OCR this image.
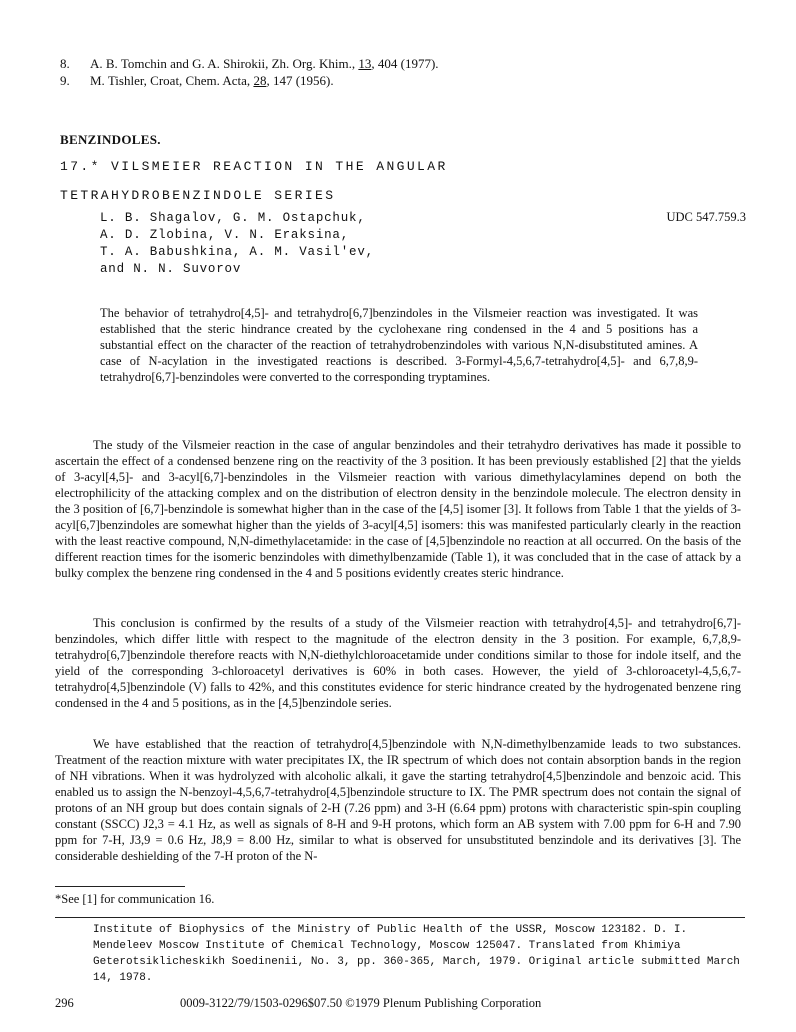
8. A. B. Tomchin and G. A. Shirokii, Zh. Org. Khim., 13, 404 (1977).
9. M. Tishler, Croat, Chem. Acta, 28, 147 (1956).
BENZINDOLES.
17.* VILSMEIER REACTION IN THE ANGULAR
TETRAHYDROBENZINDOLE SERIES
L. B. Shagalov, G. M. Ostapchuk,
A. D. Zlobina, V. N. Eraksina,
T. A. Babushkina, A. M. Vasil'ev,
and N. N. Suvorov
UDC 547.759.3
The behavior of tetrahydro[4,5]- and tetrahydro[6,7]benzindoles in the Vilsmeier reaction was investigated. It was established that the steric hindrance created by the cyclohexane ring condensed in the 4 and 5 positions has a substantial effect on the character of the reaction of tetrahydrobenzindoles with various N,N-disubstituted amines. A case of N-acylation in the investigated reactions is described. 3-Formyl-4,5,6,7-tetrahydro[4,5]- and 6,7,8,9-tetrahydro[6,7]-benzindoles were converted to the corresponding tryptamines.
The study of the Vilsmeier reaction in the case of angular benzindoles and their tetrahydro derivatives has made it possible to ascertain the effect of a condensed benzene ring on the reactivity of the 3 position. It has been previously established [2] that the yields of 3-acyl[4,5]- and 3-acyl[6,7]-benzindoles in the Vilsmeier reaction with various dimethylacylamines depend on both the electrophilicity of the attacking complex and on the distribution of electron density in the benzindole molecule. The electron density in the 3 position of [6,7]-benzindole is somewhat higher than in the case of the [4,5] isomer [3]. It follows from Table 1 that the yields of 3-acyl[6,7]benzindoles are somewhat higher than the yields of 3-acyl[4,5] isomers: this was manifested particularly clearly in the reaction with the least reactive compound, N,N-dimethylacetamide: in the case of [4,5]benzindole no reaction at all occurred. On the basis of the different reaction times for the isomeric benzindoles with dimethylbenzamide (Table 1), it was concluded that in the case of attack by a bulky complex the benzene ring condensed in the 4 and 5 positions evidently creates steric hindrance.
This conclusion is confirmed by the results of a study of the Vilsmeier reaction with tetrahydro[4,5]- and tetrahydro[6,7]-benzindoles, which differ little with respect to the magnitude of the electron density in the 3 position. For example, 6,7,8,9-tetrahydro[6,7]benzindole therefore reacts with N,N-diethylchloroacetamide under conditions similar to those for indole itself, and the yield of the corresponding 3-chloroacetyl derivatives is 60% in both cases. However, the yield of 3-chloroacetyl-4,5,6,7-tetrahydro[4,5]benzindole (V) falls to 42%, and this constitutes evidence for steric hindrance created by the hydrogenated benzene ring condensed in the 4 and 5 positions, as in the [4,5]benzindole series.
We have established that the reaction of tetrahydro[4,5]benzindole with N,N-dimethylbenzamide leads to two substances. Treatment of the reaction mixture with water precipitates IX, the IR spectrum of which does not contain absorption bands in the region of NH vibrations. When it was hydrolyzed with alcoholic alkali, it gave the starting tetrahydro[4,5]benzindole and benzoic acid. This enabled us to assign the N-benzoyl-4,5,6,7-tetrahydro[4,5]benzindole structure to IX. The PMR spectrum does not contain the signal of protons of an NH group but does contain signals of 2-H (7.26 ppm) and 3-H (6.64 ppm) protons with characteristic spin-spin coupling constant (SSCC) J2,3 = 4.1 Hz, as well as signals of 8-H and 9-H protons, which form an AB system with 7.00 ppm for 6-H and 7.90 ppm for 7-H, J3,9 = 0.6 Hz, J8,9 = 8.00 Hz, similar to what is observed for unsubstituted benzindole and its derivatives [3]. The considerable deshielding of the 7-H proton of the N-
*See [1] for communication 16.
Institute of Biophysics of the Ministry of Public Health of the USSR, Moscow 123182. D. I. Mendeleev Moscow Institute of Chemical Technology, Moscow 125047. Translated from Khimiya Geterotsiklicheskikh Soedinenii, No. 3, pp. 360-365, March, 1979. Original article submitted March 14, 1978.
296	0009-3122/79/1503-0296$07.50 ©1979 Plenum Publishing Corporation
